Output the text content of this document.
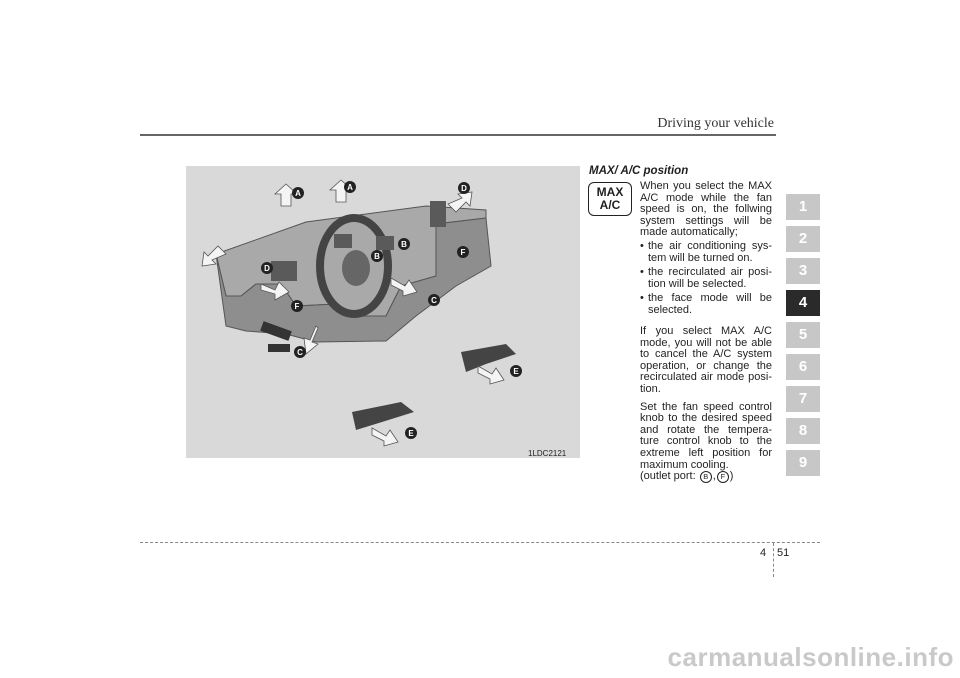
Driving your vehicle
A
A	D
B
B	F
D
C
F
C
E
E
1LDC2121
MAX/ A/C position
MAX
A/C

When you select the MAX A/C mode while the fan speed is on, the follwing system settings will be made automatically;

• the air conditioning sys- tem will be turned on.
• the recirculated air posi- tion will be selected.
• the face mode will be selected.

If you select MAX A/C mode, you will not be able to cancel the A/C system operation, or change the recirculated air mode posi- tion.

Set the fan speed control knob to the desired speed and rotate the tempera- ture control knob to the extreme left position for maximum cooling.
(outlet port: B , F )

1
2
3
4
5
6
7
8
9
4 51
carmanualsonline.info
